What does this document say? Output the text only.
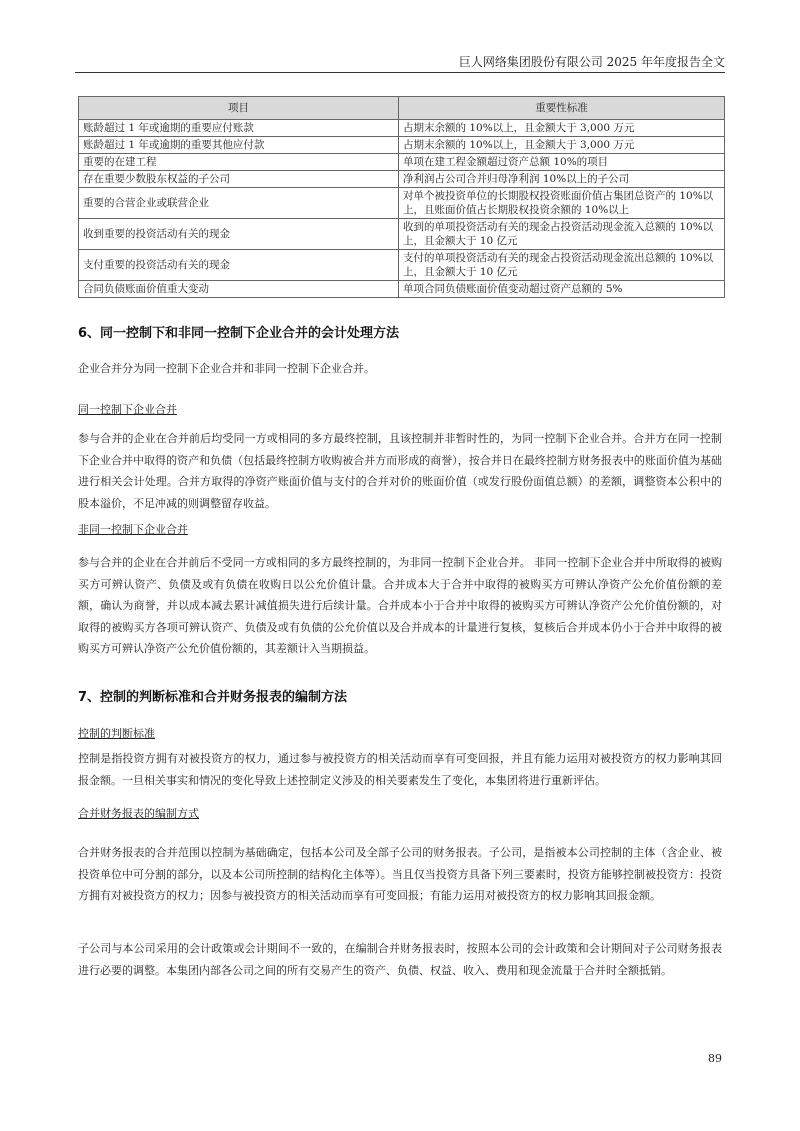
巨人网络集团股份有限公司 2025 年年度报告全文
项目	重要性标准
账龄超过 1 年或逾期的重要应付账款	占期末余额的 10%以上，且金额大于 3,000 万元
账龄超过 1 年或逾期的重要其他应付款	占期末余额的 10%以上，且金额大于 3,000 万元
重要的在建工程	单项在建工程金额超过资产总额 10%的项目
存在重要少数股东权益的子公司	净利润占公司合并归母净利润 10%以上的子公司
重要的合营企业或联营企业	对单个被投资单位的长期股权投资账面价值占集团总资产的 10%以上，且账面价值占长期股权投资余额的 10%以上
收到重要的投资活动有关的现金	收到的单项投资活动有关的现金占投资活动现金流入总额的 10%以上，且金额大于 10 亿元
支付重要的投资活动有关的现金	支付的单项投资活动有关的现金占投资活动现金流出总额的 10%以上，且金额大于 10 亿元
合同负债账面价值重大变动	单项合同负债账面价值变动超过资产总额的 5%
6、同一控制下和非同一控制下企业合并的会计处理方法
企业合并分为同一控制下企业合并和非同一控制下企业合并。
同一控制下企业合并
参与合并的企业在合并前后均受同一方或相同的多方最终控制，且该控制并非暂时性的，为同一控制下企业合并。合并方在同一控制下企业合并中取得的资产和负债（包括最终控制方收购被合并方而形成的商誉），按合并日在最终控制方财务报表中的账面价值为基础进行相关会计处理。合并方取得的净资产账面价值与支付的合并对价的账面价值（或发行股份面值总额）的差额，调整资本公积中的股本溢价，不足冲减的则调整留存收益。
非同一控制下企业合并
参与合并的企业在合并前后不受同一方或相同的多方最终控制的，为非同一控制下企业合并。 非同一控制下企业合并中所取得的被购买方可辨认资产、负债及或有负债在收购日以公允价值计量。合并成本大于合并中取得的被购买方可辨认净资产公允价值份额的差额，确认为商誉，并以成本减去累计减值损失进行后续计量。合并成本小于合并中取得的被购买方可辨认净资产公允价值份额的，对取得的被购买方各项可辨认资产、负债及或有负债的公允价值以及合并成本的计量进行复核，复核后合并成本仍小于合并中取得的被购买方可辨认净资产公允价值份额的，其差额计入当期损益。
7、控制的判断标准和合并财务报表的编制方法
控制的判断标准
控制是指投资方拥有对被投资方的权力，通过参与被投资方的相关活动而享有可变回报，并且有能力运用对被投资方的权力影响其回报金额。一旦相关事实和情况的变化导致上述控制定义涉及的相关要素发生了变化，本集团将进行重新评估。
合并财务报表的编制方式
合并财务报表的合并范围以控制为基础确定，包括本公司及全部子公司的财务报表。子公司，是指被本公司控制的主体（含企业、被投资单位中可分割的部分，以及本公司所控制的结构化主体等）。当且仅当投资方具备下列三要素时，投资方能够控制被投资方：投资方拥有对被投资方的权力；因参与被投资方的相关活动而享有可变回报；有能力运用对被投资方的权力影响其回报金额。
子公司与本公司采用的会计政策或会计期间不一致的，在编制合并财务报表时，按照本公司的会计政策和会计期间对子公司财务报表进行必要的调整。本集团内部各公司之间的所有交易产生的资产、负债、权益、收入、费用和现金流量于合并时全额抵销。
89
